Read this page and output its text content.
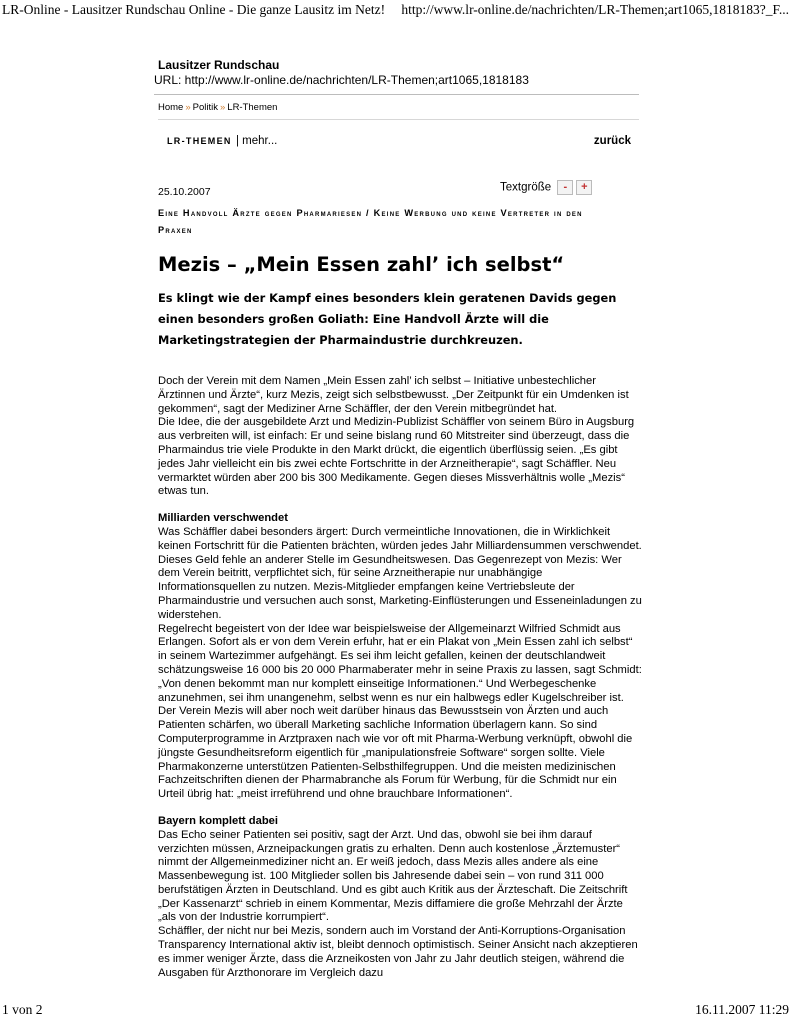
LR-Online - Lausitzer Rundschau Online - Die ganze Lausitz im Netz! http://www.lr-online.de/nachrichten/LR-Themen;art1065,1818183?_F...

Lausitzer Rundschau

URL: http://www.lr-online.de/nachrichten/LR-Themen;art1065,1818183

Home » Politik » LR-Themen
LR-THEMEN | mehr...	zurück
25.10.2007	Textgröße - +
Eine Handvoll Ärzte gegen Pharmariesen / Keine Werbung und keine Vertreter in den Praxen
Mezis – „Mein Essen zahl’ ich selbst“
Es klingt wie der Kampf eines besonders klein geratenen Davids gegen einen besonders großen Goliath: Eine Handvoll Ärzte will die Marketingstrategien der Pharmaindustrie durchkreuzen.

Doch der Verein mit dem Namen „Mein Essen zahl’ ich selbst – Initiative unbestechlicher Ärztinnen und Ärzte“, kurz Mezis, zeigt sich selbstbewusst. „Der Zeitpunkt für ein Umdenken ist gekommen“, sagt der Mediziner Arne Schäffler, der den Verein mitbegründet hat.

Die Idee, die der ausgebildete Arzt und Medizin-Publizist Schäffler von seinem Büro in Augsburg aus verbreiten will, ist einfach: Er und seine bislang rund 60 Mitstreiter sind überzeugt, dass die Pharmaindus trie viele Produkte in den Markt drückt, die eigentlich überflüssig seien. „Es gibt jedes Jahr vielleicht ein bis zwei echte Fortschritte in der Arzneitherapie“, sagt Schäffler. Neu vermarktet würden aber 200 bis 300 Medikamente. Gegen dieses Missverhältnis wolle „Mezis“ etwas tun.

Milliarden verschwendet

Was Schäffler dabei besonders ärgert: Durch vermeintliche Innovationen, die in Wirklichkeit keinen Fortschritt für die Patienten brächten, würden jedes Jahr Milliardensummen verschwendet. Dieses Geld fehle an anderer Stelle im Gesundheitswesen. Das Gegenrezept von Mezis: Wer dem Verein beitritt, verpflichtet sich, für seine Arzneitherapie nur unabhängige Informationsquellen zu nutzen. Mezis-Mitglieder empfangen keine Vertriebsleute der Pharmaindustrie und versuchen auch sonst, Marketing-Einflüsterungen und Esseneinladungen zu widerstehen.

Regelrecht begeistert von der Idee war beispielsweise der Allgemeinarzt Wilfried Schmidt aus Erlangen. Sofort als er von dem Verein erfuhr, hat er ein Plakat von „Mein Essen zahl ich selbst“ in seinem Wartezimmer aufgehängt. Es sei ihm leicht gefallen, keinen der deutschlandweit schätzungsweise 16 000 bis 20 000 Pharmaberater mehr in seine Praxis zu lassen, sagt Schmidt: „Von denen bekommt man nur komplett einseitige Informationen.“ Und Werbegeschenke anzunehmen, sei ihm unangenehm, selbst wenn es nur ein halbwegs edler Kugelschreiber ist.

Der Verein Mezis will aber noch weit darüber hinaus das Bewusstsein von Ärzten und auch Patienten schärfen, wo überall Marketing sachliche Information überlagern kann. So sind Computerprogramme in Arztpraxen nach wie vor oft mit Pharma-Werbung verknüpft, obwohl die jüngste Gesundheitsreform eigentlich für „manipulationsfreie Software“ sorgen sollte. Viele Pharmakonzerne unterstützen Patienten-Selbsthilfegruppen. Und die meisten medizinischen Fachzeitschriften dienen der Pharmabranche als Forum für Werbung, für die Schmidt nur ein Urteil übrig hat: „meist irreführend und ohne brauchbare Informationen“.

Bayern komplett dabei

Das Echo seiner Patienten sei positiv, sagt der Arzt. Und das, obwohl sie bei ihm darauf verzichten müssen, Arzneipackungen gratis zu erhalten. Denn auch kostenlose „Ärztemuster“ nimmt der Allgemeinmediziner nicht an. Er weiß jedoch, dass Mezis alles andere als eine Massenbewegung ist. 100 Mitglieder sollen bis Jahresende dabei sein – von rund 311 000 berufstätigen Ärzten in Deutschland. Und es gibt auch Kritik aus der Ärzteschaft. Die Zeitschrift „Der Kassenarzt“ schrieb in einem Kommentar, Mezis diffamiere die große Mehrzahl der Ärzte „als von der Industrie korrumpiert“.

Schäffler, der nicht nur bei Mezis, sondern auch im Vorstand der Anti-Korruptions-Organisation Transparency International aktiv ist, bleibt dennoch optimistisch. Seiner Ansicht nach akzeptieren es immer weniger Ärzte, dass die Arzneikosten von Jahr zu Jahr deutlich steigen, während die Ausgaben für Arzthonorare im Vergleich dazu

1 von 2	16.11.2007 11:29
